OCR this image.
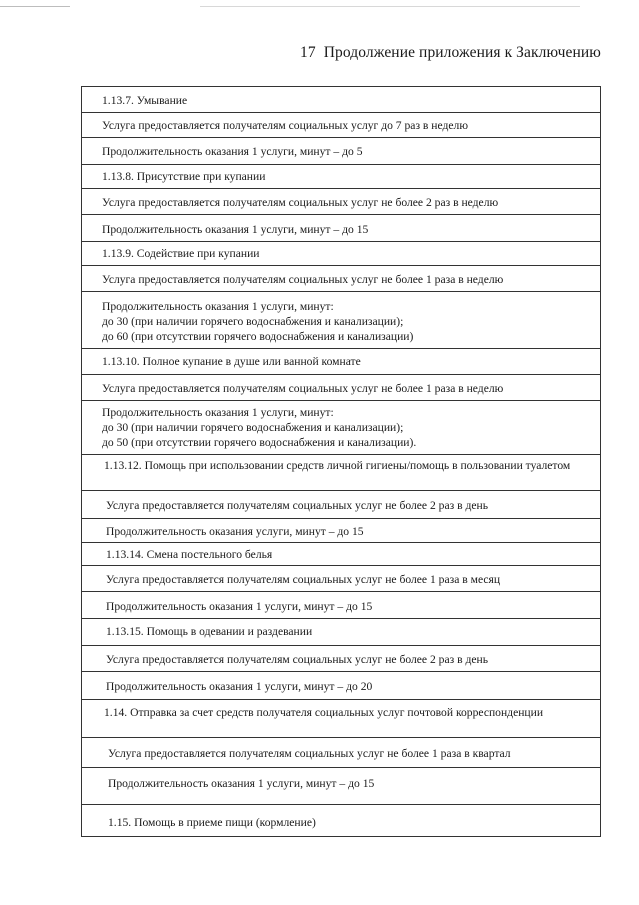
17 Продолжение приложения к Заключению
1.13.7. Умывание
Услуга предоставляется получателям социальных услуг до 7 раз в неделю
Продолжительность оказания 1 услуги, минут – до 5
1.13.8. Присутствие при купании
Услуга предоставляется получателям социальных услуг не более 2 раз в неделю
Продолжительность оказания 1 услуги, минут – до 15
1.13.9. Содействие при купании
Услуга предоставляется получателям социальных услуг не более 1 раза в неделю
Продолжительность оказания 1 услуги, минут:
до 30 (при наличии горячего водоснабжения и канализации);
до 60 (при отсутствии горячего водоснабжения и канализации)
1.13.10. Полное купание в душе или ванной комнате
Услуга предоставляется получателям социальных услуг не более 1 раза в неделю
Продолжительность оказания 1 услуги, минут:
до 30 (при наличии горячего водоснабжения и канализации);
до 50 (при отсутствии горячего водоснабжения и канализации).
1.13.12. Помощь при использовании средств личной гигиены/помощь в пользовании туалетом
Услуга предоставляется получателям социальных услуг не более 2 раз в день
Продолжительность оказания услуги, минут – до 15
1.13.14. Смена постельного белья
Услуга предоставляется получателям социальных услуг не более 1 раза в месяц
Продолжительность оказания 1 услуги, минут – до 15
1.13.15. Помощь в одевании и раздевании
Услуга предоставляется получателям социальных услуг не более 2 раз в день
Продолжительность оказания 1 услуги, минут – до 20
1.14. Отправка за счет средств получателя социальных услуг почтовой корреспонденции
Услуга предоставляется получателям социальных услуг не более 1 раза в квартал
Продолжительность оказания 1 услуги, минут – до 15
1.15. Помощь в приеме пищи (кормление)
